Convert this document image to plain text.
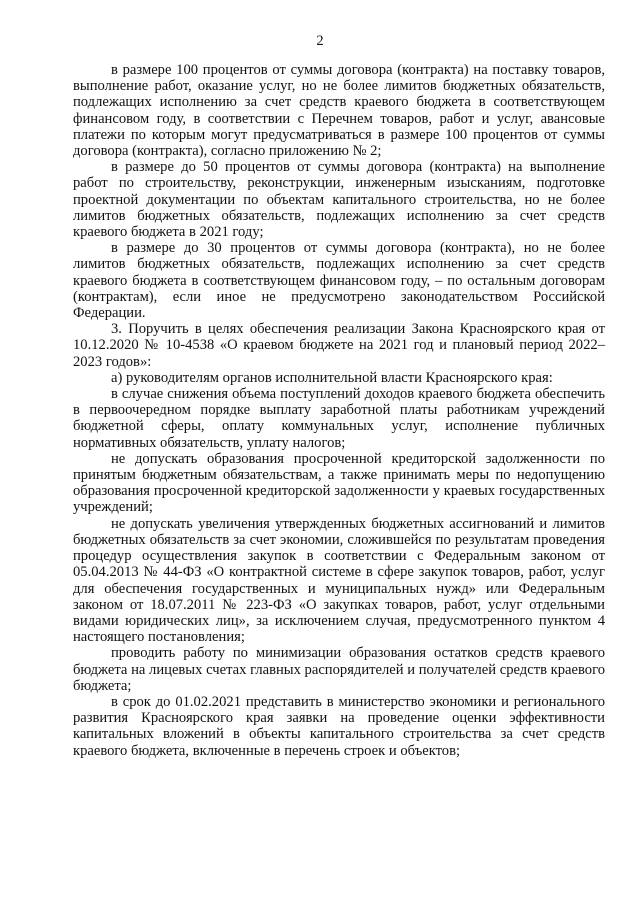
2

в размере 100 процентов от суммы договора (контракта) на поставку товаров, выполнение работ, оказание услуг, но не более лимитов бюджетных обязательств, подлежащих исполнению за счет средств краевого бюджета в соответствующем финансовом году, в соответствии с Перечнем товаров, работ и услуг, авансовые платежи по которым могут предусматриваться в размере 100 процентов от суммы договора (контракта), согласно приложению № 2;

в размере до 50 процентов от суммы договора (контракта) на выполнение работ по строительству, реконструкции, инженерным изысканиям, подготовке проектной документации по объектам капитального строительства, но не более лимитов бюджетных обязательств, подлежащих исполнению за счет средств краевого бюджета в 2021 году;

в размере до 30 процентов от суммы договора (контракта), но не более лимитов бюджетных обязательств, подлежащих исполнению за счет средств краевого бюджета в соответствующем финансовом году, – по остальным договорам (контрактам), если иное не предусмотрено законодательством Российской Федерации.

3. Поручить в целях обеспечения реализации Закона Красноярского края от 10.12.2020 № 10-4538 «О краевом бюджете на 2021 год и плановый период 2022–2023 годов»:

а) руководителям органов исполнительной власти Красноярского края:

в случае снижения объема поступлений доходов краевого бюджета обеспечить в первоочередном порядке выплату заработной платы работникам учреждений бюджетной сферы, оплату коммунальных услуг, исполнение публичных нормативных обязательств, уплату налогов;

не допускать образования просроченной кредиторской задолженности по принятым бюджетным обязательствам, а также принимать меры по недопущению образования просроченной кредиторской задолженности у краевых государственных учреждений;

не допускать увеличения утвержденных бюджетных ассигнований и лимитов бюджетных обязательств за счет экономии, сложившейся по результатам проведения процедур осуществления закупок в соответствии с Федеральным законом от 05.04.2013 № 44-ФЗ «О контрактной системе в сфере закупок товаров, работ, услуг для обеспечения государственных и муниципальных нужд» или Федеральным законом от 18.07.2011 № 223-ФЗ «О закупках товаров, работ, услуг отдельными видами юридических лиц», за исключением случая, предусмотренного пунктом 4 настоящего постановления;

проводить работу по минимизации образования остатков средств краевого бюджета на лицевых счетах главных распорядителей и получателей средств краевого бюджета;

в срок до 01.02.2021 представить в министерство экономики и регионального развития Красноярского края заявки на проведение оценки эффективности капитальных вложений в объекты капитального строительства за счет средств краевого бюджета, включенные в перечень строек и объектов;
